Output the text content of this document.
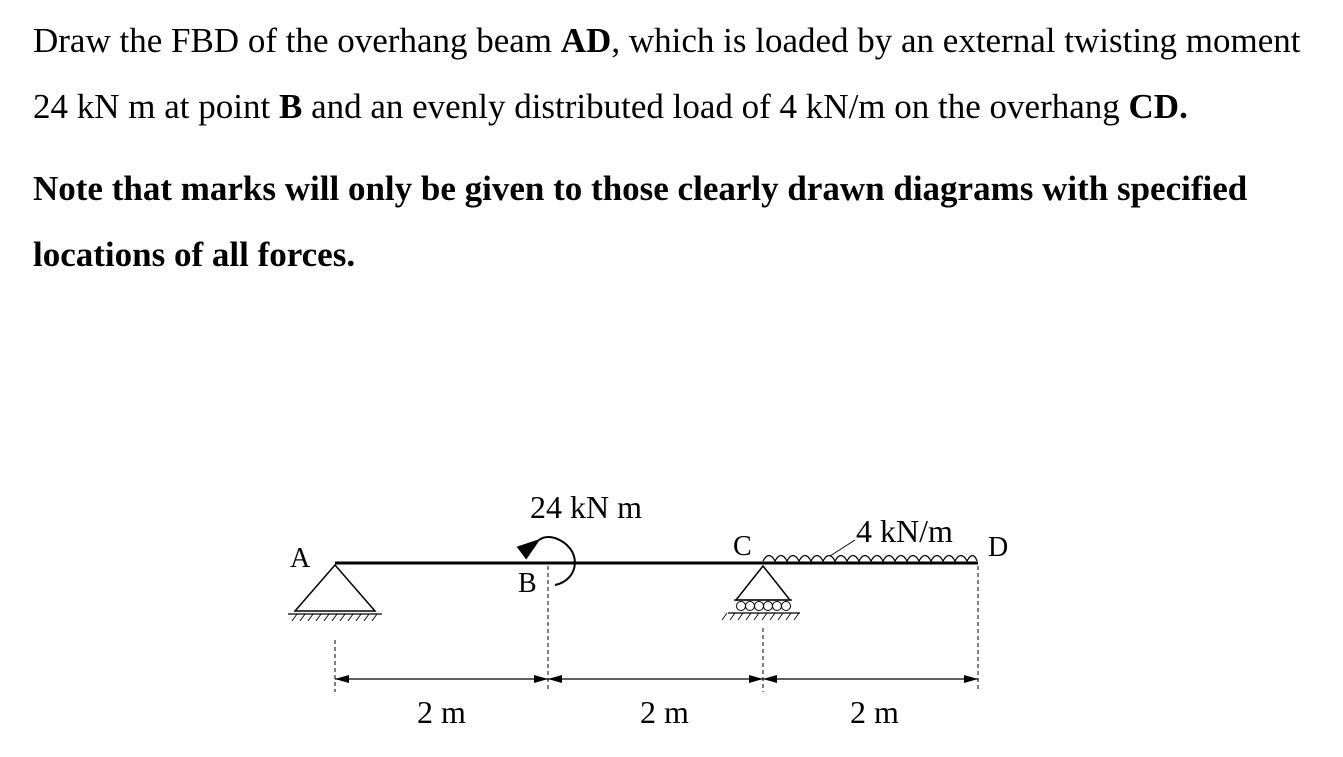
Draw the FBD of the overhang beam AD, which is loaded by an external twisting moment 24 kN m at point B and an evenly distributed load of 4 kN/m on the overhang CD.

Note that marks will only be given to those clearly drawn diagrams with specified locations of all forces.

A
B
C	D
24 kN m
4 kN/m
2 m	2 m	2 m
